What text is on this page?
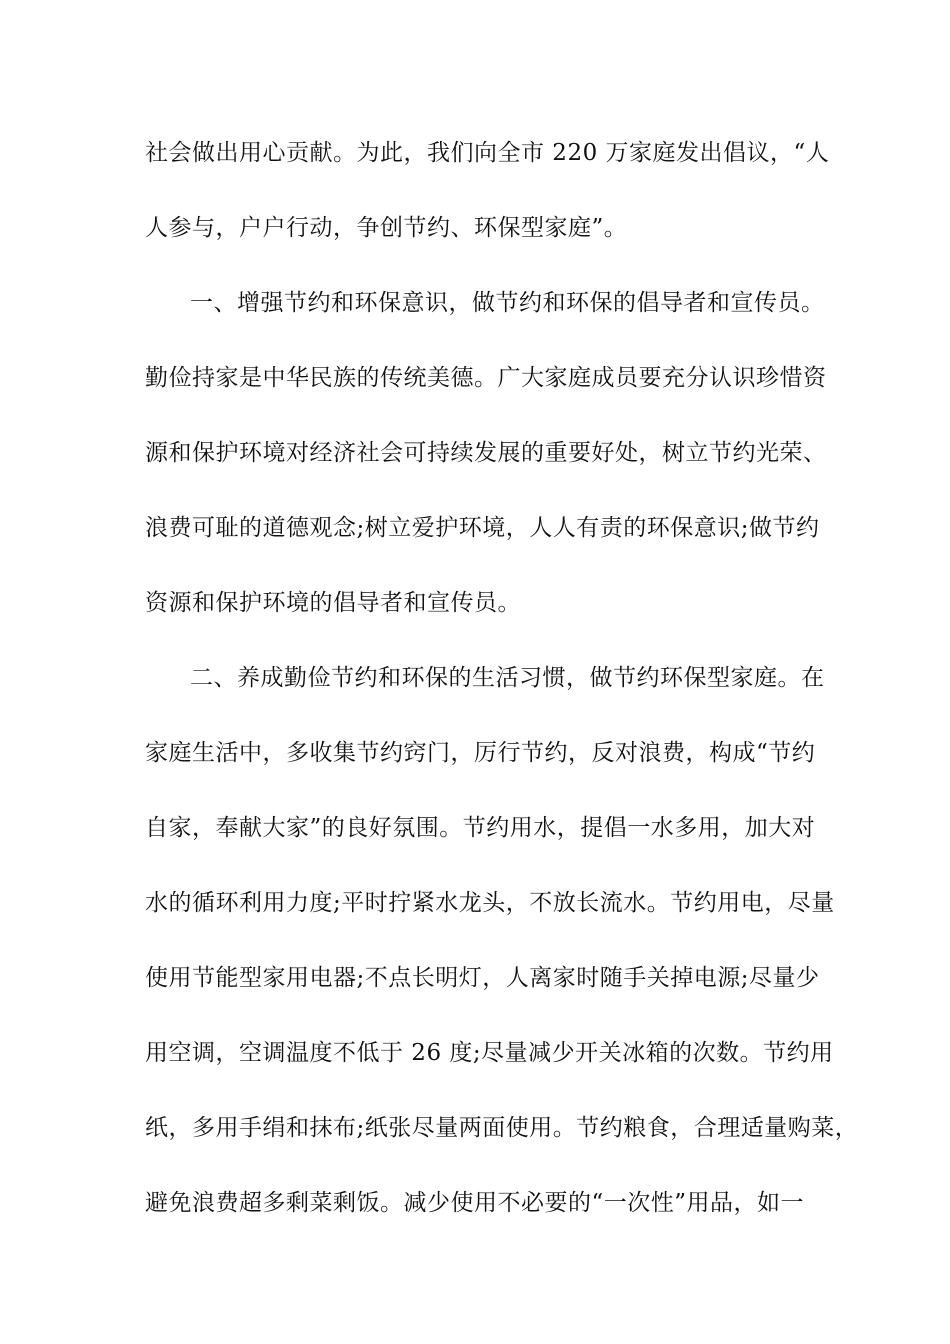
社会做出用心贡献。为此，我们向全市 220 万家庭发出倡议，“人
人参与，户户行动，争创节约、环保型家庭”。
一、增强节约和环保意识，做节约和环保的倡导者和宣传员。
勤俭持家是中华民族的传统美德。广大家庭成员要充分认识珍惜资
源和保护环境对经济社会可持续发展的重要好处，树立节约光荣、
浪费可耻的道德观念;树立爱护环境，人人有责的环保意识;做节约
资源和保护环境的倡导者和宣传员。
二、养成勤俭节约和环保的生活习惯，做节约环保型家庭。在
家庭生活中，多收集节约窍门，厉行节约，反对浪费，构成“节约
自家，奉献大家”的良好氛围。节约用水，提倡一水多用，加大对
水的循环利用力度;平时拧紧水龙头，不放长流水。节约用电，尽量
使用节能型家用电器;不点长明灯，人离家时随手关掉电源;尽量少
用空调，空调温度不低于 26 度;尽量减少开关冰箱的次数。节约用
纸，多用手绢和抹布;纸张尽量两面使用。节约粮食，合理适量购菜，
避免浪费超多剩菜剩饭。减少使用不必要的“一次性”用品，如一
